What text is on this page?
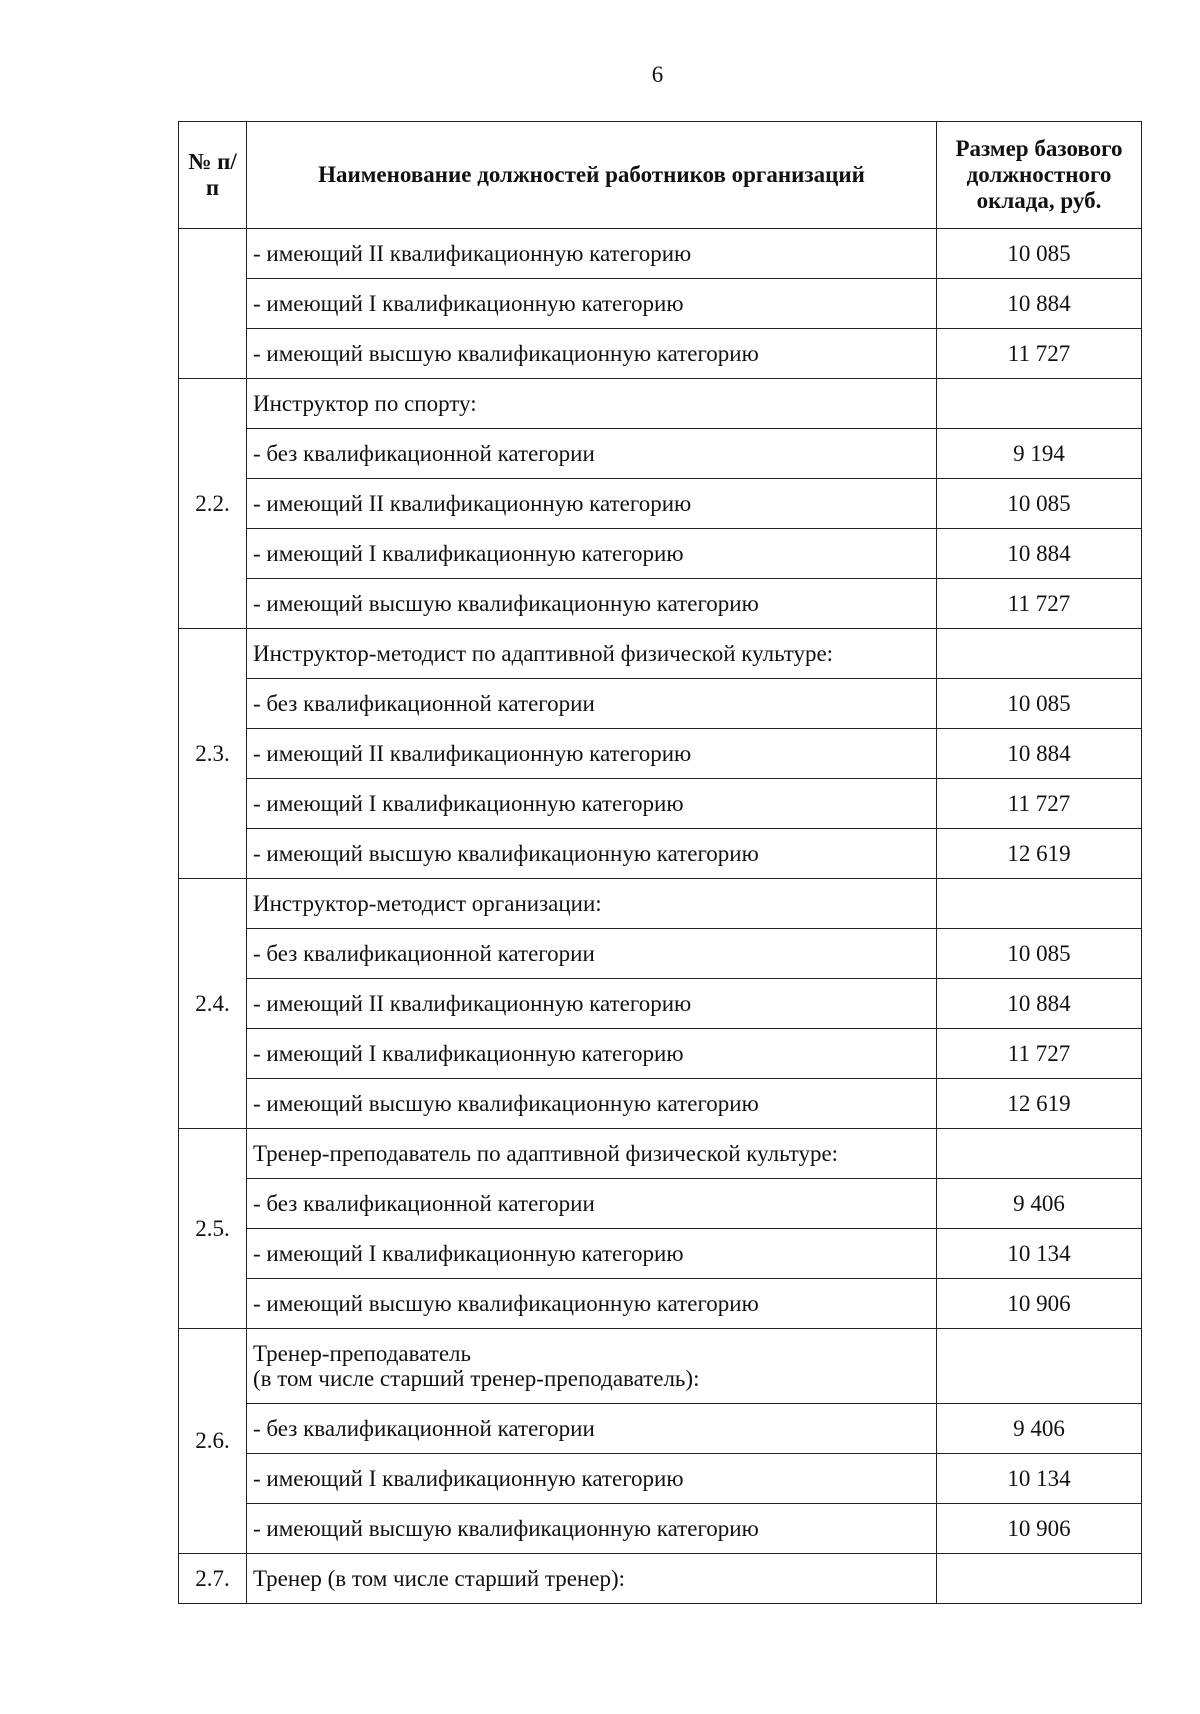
6
№ п/п	Наименование должностей работников организаций	Размер базового должностного оклада, руб.
	- имеющий II квалификационную категорию	10 085
	- имеющий I квалификационную категорию	10 884
	- имеющий высшую квалификационную категорию	11 727
2.2.	Инструктор по спорту:	
	- без квалификационной категории	9 194
	- имеющий II квалификационную категорию	10 085
	- имеющий I квалификационную категорию	10 884
	- имеющий высшую квалификационную категорию	11 727
2.3.	Инструктор-методист по адаптивной физической культуре:	
	- без квалификационной категории	10 085
	- имеющий II квалификационную категорию	10 884
	- имеющий I квалификационную категорию	11 727
	- имеющий высшую квалификационную категорию	12 619
2.4.	Инструктор-методист организации:	
	- без квалификационной категории	10 085
	- имеющий II квалификационную категорию	10 884
	- имеющий I квалификационную категорию	11 727
	- имеющий высшую квалификационную категорию	12 619
2.5.	Тренер-преподаватель по адаптивной физической культуре:	
	- без квалификационной категории	9 406
	- имеющий I квалификационную категорию	10 134
	- имеющий высшую квалификационную категорию	10 906
2.6.	Тренер-преподаватель
(в том числе старший тренер-преподаватель):	
	- без квалификационной категории	9 406
	- имеющий I квалификационную категорию	10 134
	- имеющий высшую квалификационную категорию	10 906
2.7.	Тренер (в том числе старший тренер):	
